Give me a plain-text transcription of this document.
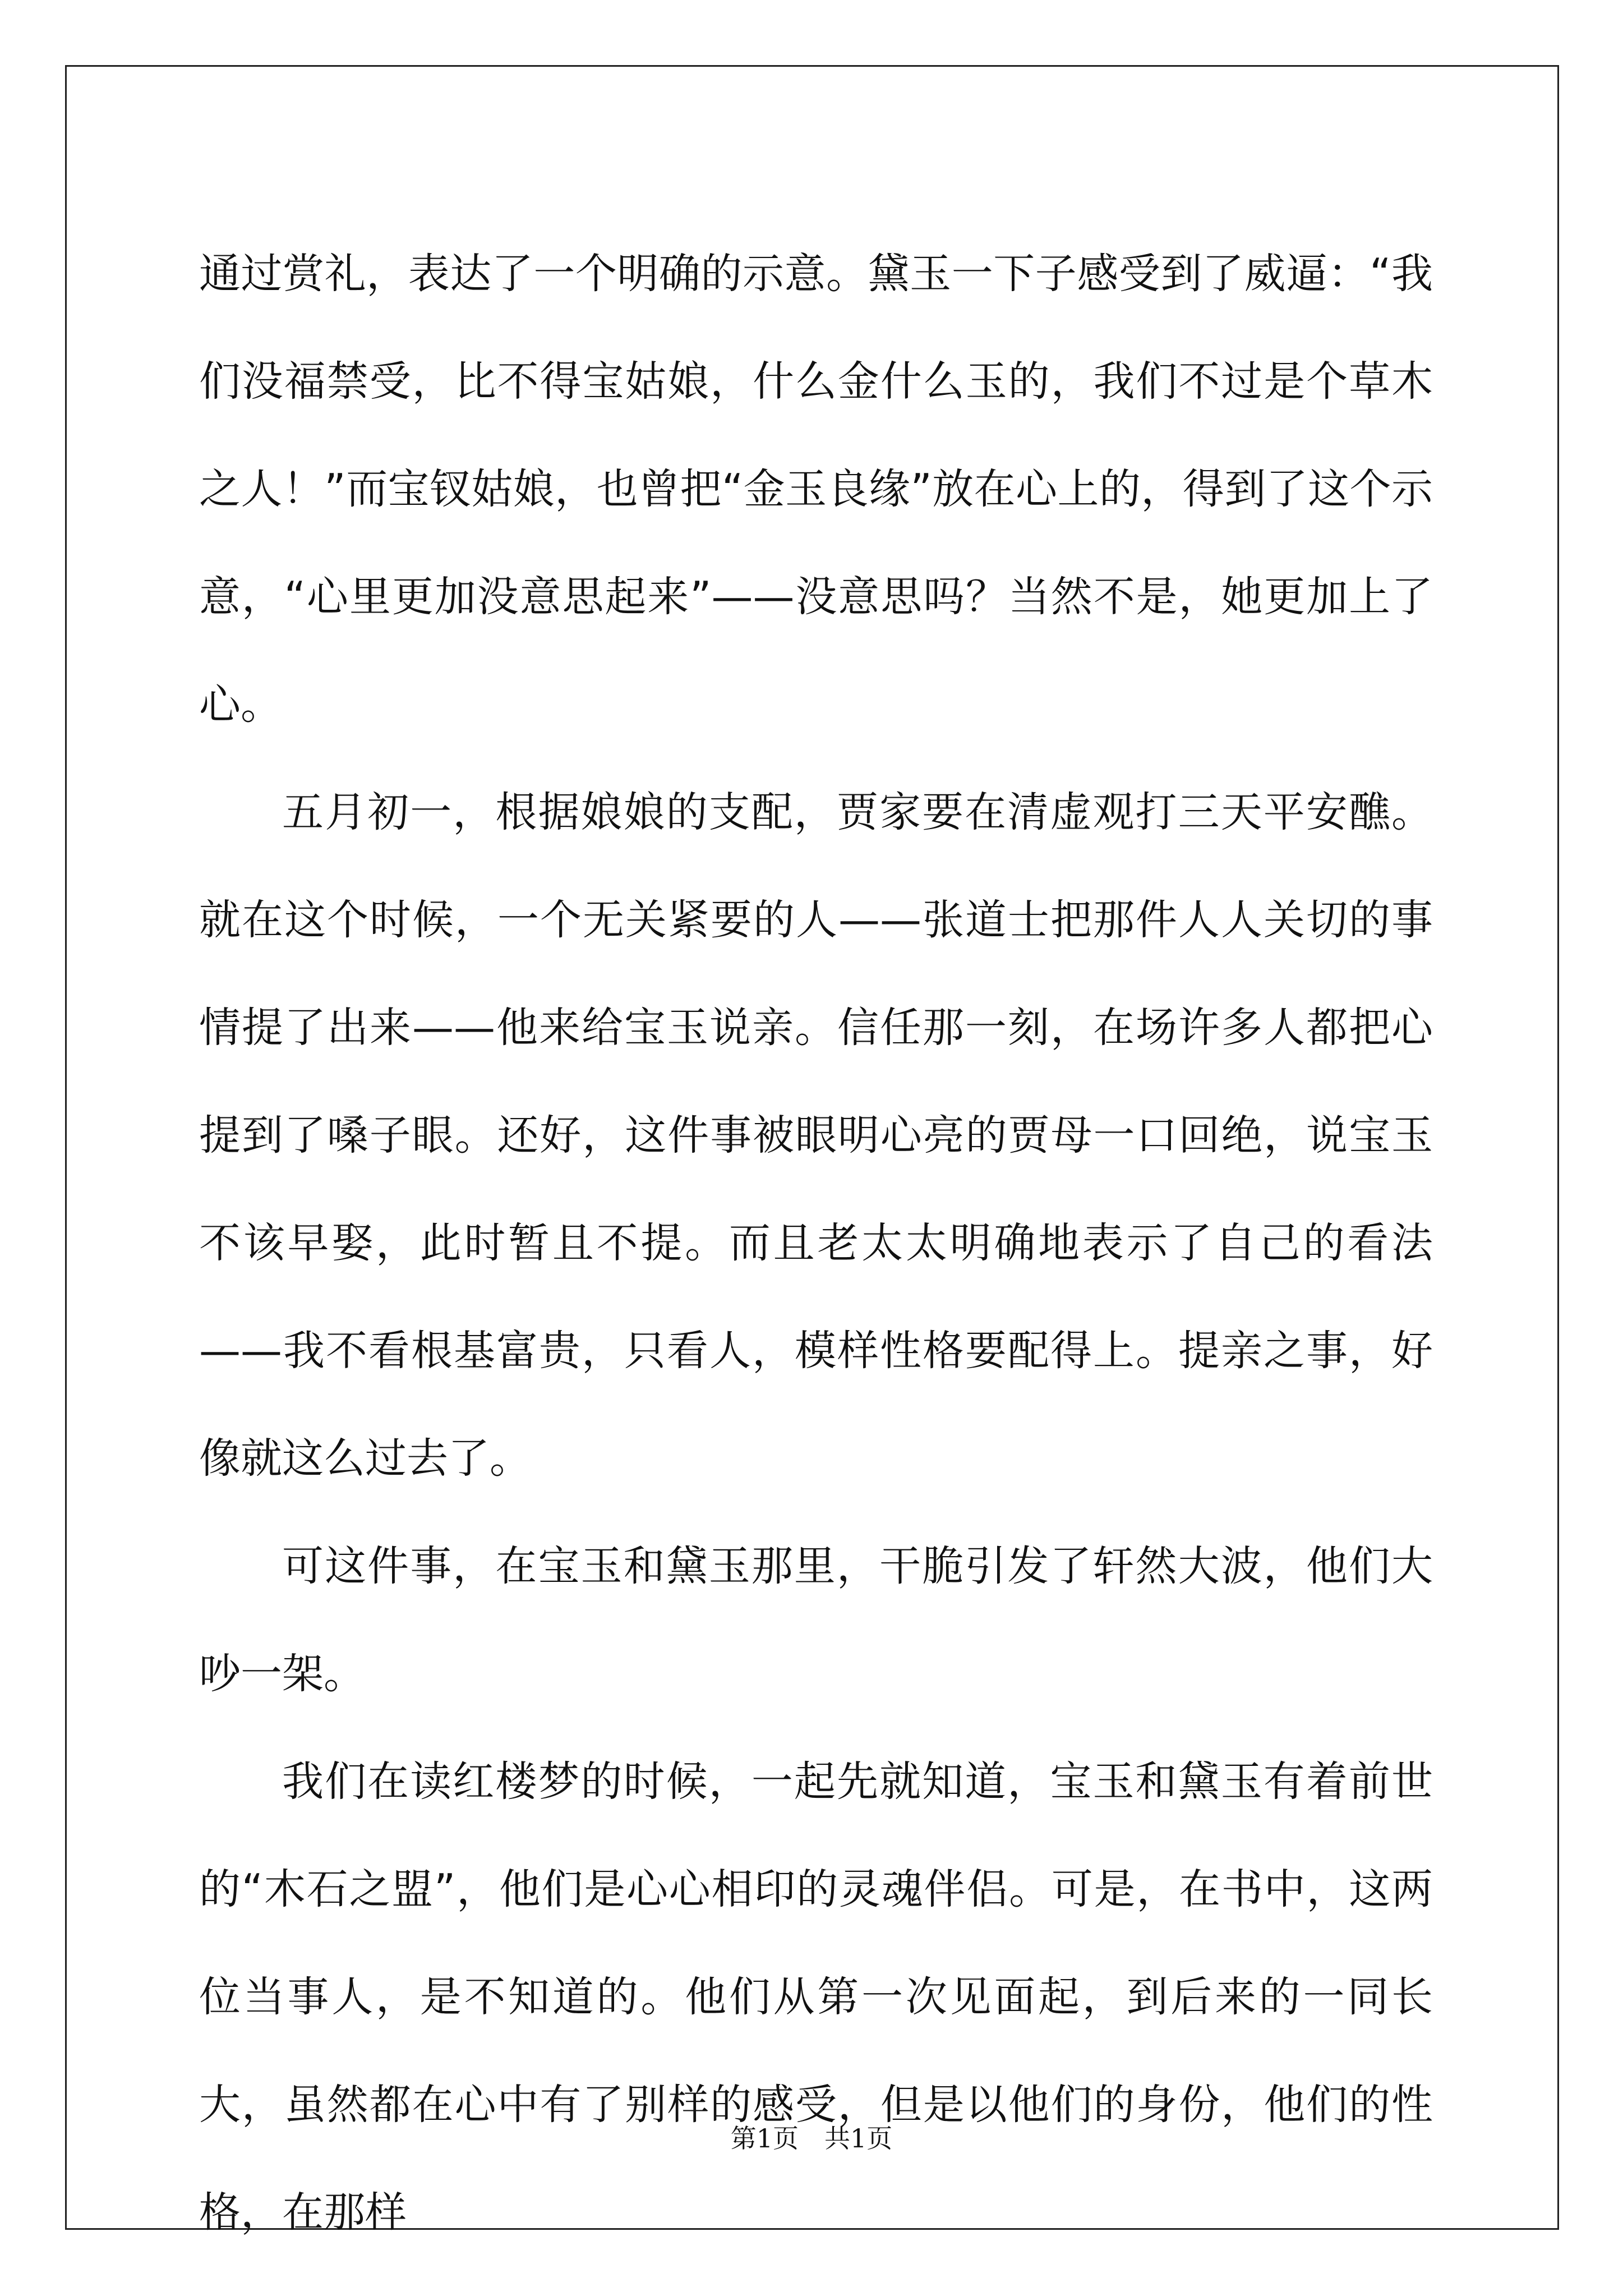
通过赏礼，表达了一个明确的示意。黛玉一下子感受到了威逼：“我们没福禁受，比不得宝姑娘，什么金什么玉的，我们不过是个草木之人！”而宝钗姑娘，也曾把“金玉良缘”放在心上的，得到了这个示意，“心里更加没意思起来”——没意思吗？当然不是，她更加上了心。

五月初一，根据娘娘的支配，贾家要在清虚观打三天平安醮。就在这个时候，一个无关紧要的人——张道士把那件人人关切的事情提了出来——他来给宝玉说亲。信任那一刻，在场许多人都把心提到了嗓子眼。还好，这件事被眼明心亮的贾母一口回绝，说宝玉不该早娶，此时暂且不提。而且老太太明确地表示了自己的看法——我不看根基富贵，只看人，模样性格要配得上。提亲之事，好像就这么过去了。

可这件事，在宝玉和黛玉那里，干脆引发了轩然大波，他们大吵一架。

我们在读红楼梦的时候，一起先就知道，宝玉和黛玉有着前世的“木石之盟”，他们是心心相印的灵魂伴侣。可是，在书中，这两位当事人，是不知道的。他们从第一次见面起，到后来的一同长大，虽然都在心中有了别样的感受，但是以他们的身份，他们的性格，在那样

第1页 共1页
